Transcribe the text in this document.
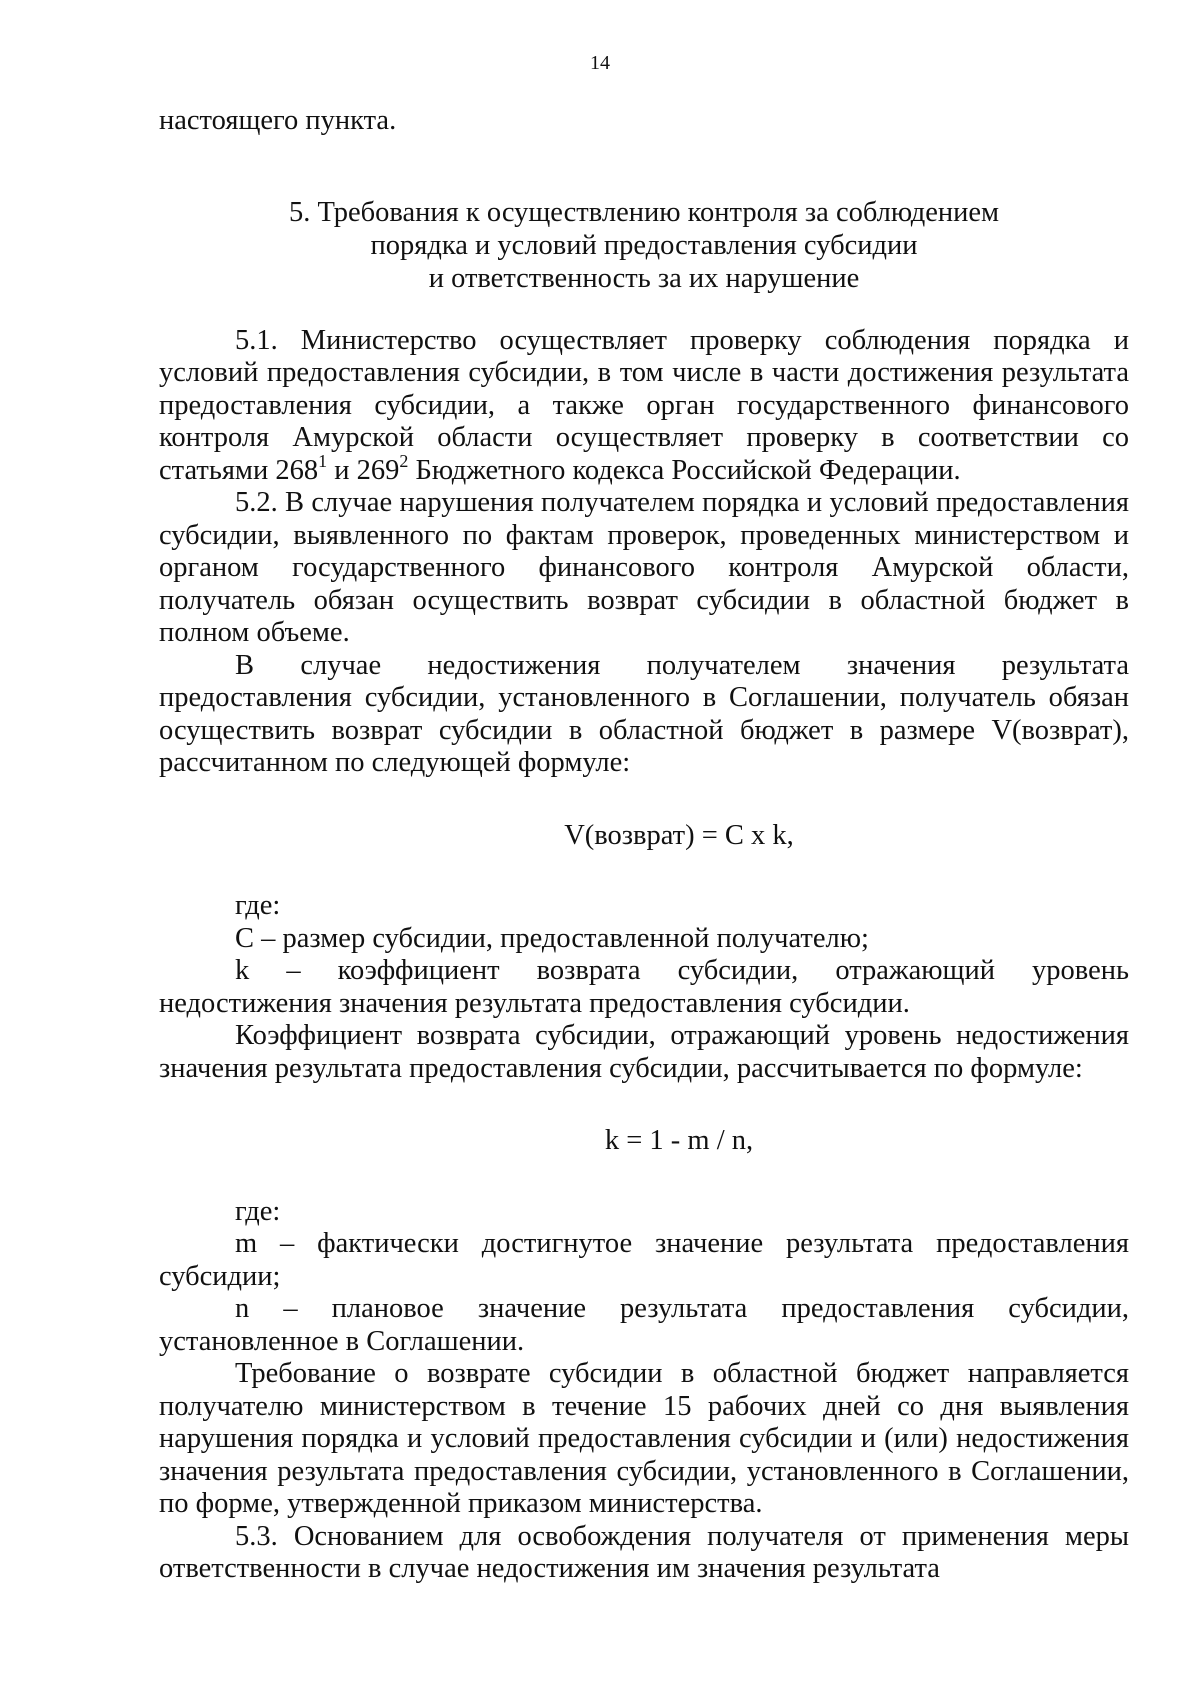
14

настоящего пункта.

5. Требования к осуществлению контроля за соблюдением
порядка и условий предоставления субсидии
и ответственность за их нарушение

5.1. Министерство осуществляет проверку соблюдения порядка и условий предоставления субсидии, в том числе в части достижения результата предоставления субсидии, а также орган государственного финансового контроля Амурской области осуществляет проверку в соответствии со статьями $268^1$ и $269^2$ Бюджетного кодекса Российской Федерации.

5.2. В случае нарушения получателем порядка и условий предоставления субсидии, выявленного по фактам проверок, проведенных министерством и органом государственного финансового контроля Амурской области, получатель обязан осуществить возврат субсидии в областной бюджет в полном объеме.

В случае недостижения получателем значения результата предоставления субсидии, установленного в Соглашении, получатель обязан осуществить возврат субсидии в областной бюджет в размере V(возврат), рассчитанном по следующей формуле:

V(возврат) = C x k,

где:

C – размер субсидии, предоставленной получателю;

k – коэффициент возврата субсидии, отражающий уровень недостижения значения результата предоставления субсидии.

Коэффициент возврата субсидии, отражающий уровень недостижения значения результата предоставления субсидии, рассчитывается по формуле:

k = 1 - m / n,

где:

m – фактически достигнутое значение результата предоставления субсидии;

n – плановое значение результата предоставления субсидии, установленное в Соглашении.

Требование о возврате субсидии в областной бюджет направляется получателю министерством в течение 15 рабочих дней со дня выявления нарушения порядка и условий предоставления субсидии и (или) недостижения значения результата предоставления субсидии, установленного в Соглашении, по форме, утвержденной приказом министерства.

5.3. Основанием для освобождения получателя от применения меры ответственности в случае недостижения им значения результата
